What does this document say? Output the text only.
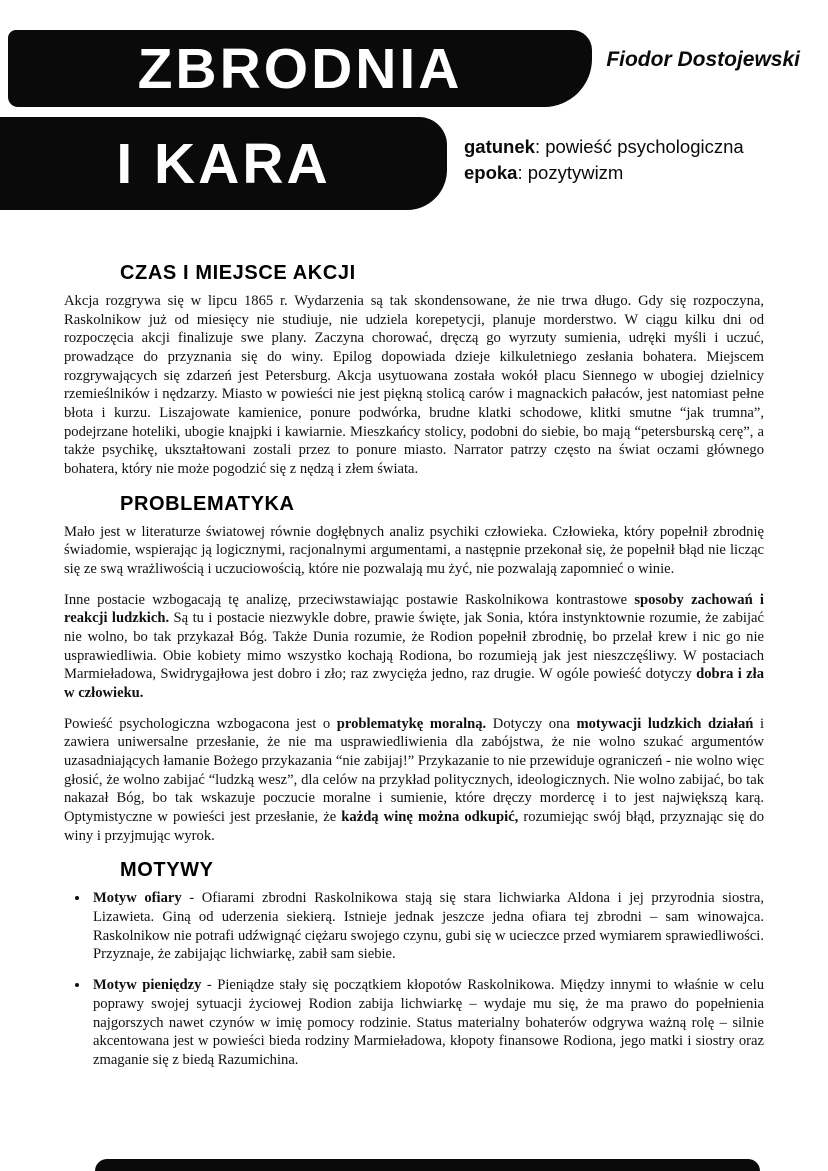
ZBRODNIA	Fiodor Dostojewski
I KARA	gatunek: powieść psychologiczna
epoka: pozytywizm
CZAS I MIEJSCE AKCJI

Akcja rozgrywa się w lipcu 1865 r. Wydarzenia są tak skondensowane, że nie trwa długo. Gdy się rozpoczyna, Raskolnikow już od miesięcy nie studiuje, nie udziela korepetycji, planuje morderstwo. W ciągu kilku dni od rozpoczęcia akcji finalizuje swe plany. Zaczyna chorować, dręczą go wyrzuty sumienia, udręki myśli i uczuć, prowadzące do przyznania się do winy. Epilog dopowiada dzieje kilkuletniego zesłania bohatera. Miejscem rozgrywających się zdarzeń jest Petersburg. Akcja usytuowana została wokół placu Siennego w ubogiej dzielnicy rzemieślników i nędzarzy. Miasto w powieści nie jest piękną stolicą carów i magnackich pałaców, jest natomiast pełne błota i kurzu. Liszajowate kamienice, ponure podwórka, brudne klatki schodowe, klitki smutne “jak trumna”, podejrzane hoteliki, ubogie knajpki i kawiarnie. Mieszkańcy stolicy, podobni do siebie, bo mają “petersburską cerę”, a także psychikę, ukształtowani zostali przez to ponure miasto. Narrator patrzy często na świat oczami głównego bohatera, który nie może pogodzić się z nędzą i złem świata.

PROBLEMATYKA

Mało jest w literaturze światowej równie dogłębnych analiz psychiki człowieka. Człowieka, który popełnił zbrodnię świadomie, wspierając ją logicznymi, racjonalnymi argumentami, a następnie przekonał się, że popełnił błąd nie licząc się ze swą wrażliwością i uczuciowością, które nie pozwalają mu żyć, nie pozwalają zapomnieć o winie.

Inne postacie wzbogacają tę analizę, przeciwstawiając postawie Raskolnikowa kontrastowe sposoby zachowań i reakcji ludzkich. Są tu i postacie niezwykle dobre, prawie święte, jak Sonia, która instynktownie rozumie, że zabijać nie wolno, bo tak przykazał Bóg. Także Dunia rozumie, że Rodion popełnił zbrodnię, bo przelał krew i nic go nie usprawiedliwia. Obie kobiety mimo wszystko kochają Rodiona, bo rozumieją jak jest nieszczęśliwy. W postaciach Marmieładowa, Swidrygajłowa jest dobro i zło; raz zwycięża jedno, raz drugie. W ogóle powieść dotyczy dobra i zła w człowieku.

Powieść psychologiczna wzbogacona jest o problematykę moralną. Dotyczy ona motywacji ludzkich działań i zawiera uniwersalne przesłanie, że nie ma usprawiedliwienia dla zabójstwa, że nie wolno szukać argumentów uzasadniających łamanie Bożego przykazania “nie zabijaj!” Przykazanie to nie przewiduje ograniczeń - nie wolno więc głosić, że wolno zabijać “ludzką wesz”, dla celów na przykład politycznych, ideologicznych. Nie wolno zabijać, bo tak nakazał Bóg, bo tak wskazuje poczucie moralne i sumienie, które dręczy mordercę i to jest największą karą. Optymistyczne w powieści jest przesłanie, że każdą winę można odkupić, rozumiejąc swój błąd, przyznając się do winy i przyjmując wyrok.

MOTYWY
• Motyw ofiary - Ofiarami zbrodni Raskolnikowa stają się stara lichwiarka Aldona i jej przyrodnia siostra, Lizawieta. Giną od uderzenia siekierą. Istnieje jednak jeszcze jedna ofiara tej zbrodni – sam winowajca. Raskolnikow nie potrafi udźwignąć ciężaru swojego czynu, gubi się w ucieczce przed wymiarem sprawiedliwości. Przyznaje, że zabijając lichwiarkę, zabił sam siebie.
• Motyw pieniędzy - Pieniądze stały się początkiem kłopotów Raskolnikowa. Między innymi to właśnie w celu poprawy swojej sytuacji życiowej Rodion zabija lichwiarkę – wydaje mu się, że ma prawo do popełnienia najgorszych nawet czynów w imię pomocy rodzinie. Status materialny bohaterów odgrywa ważną rolę – silnie akcentowana jest w powieści bieda rodziny Marmieładowa, kłopoty finansowe Rodiona, jego matki i siostry oraz zmaganie się z biedą Razumichina.
